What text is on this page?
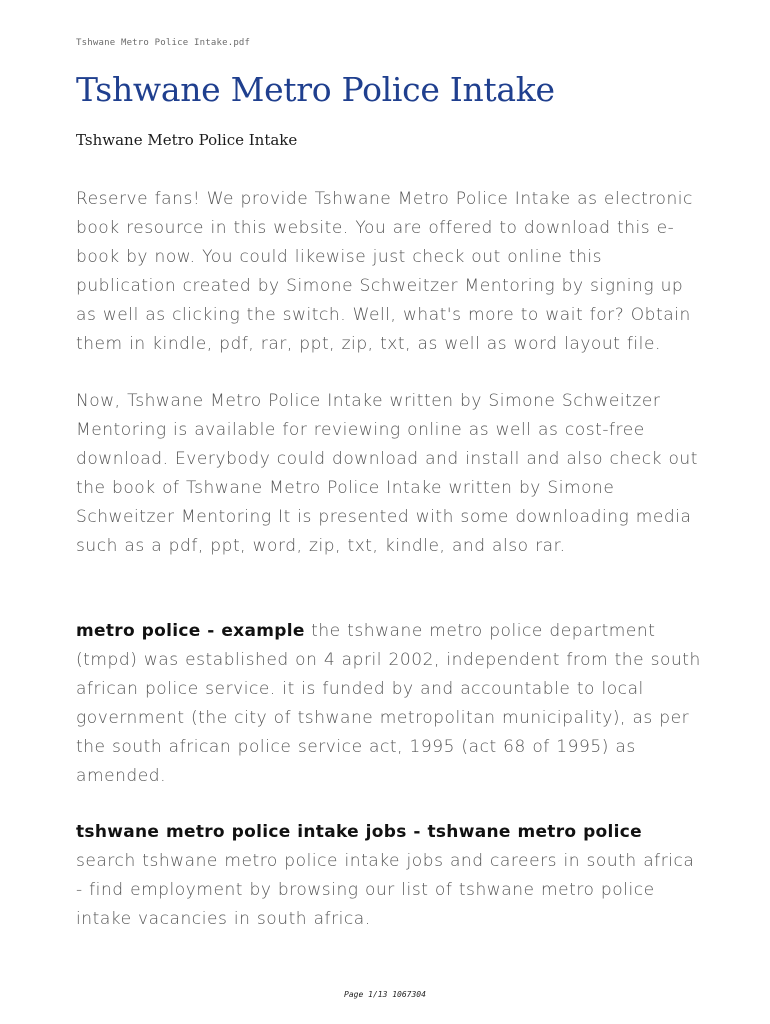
Tshwane Metro Police Intake.pdf
Tshwane Metro Police Intake
Tshwane Metro Police Intake

Reserve fans! We provide Tshwane Metro Police Intake as electronic book resource in this website. You are offered to download this e-book by now. You could likewise just check out online this publication created by Simone Schweitzer Mentoring by signing up as well as clicking the switch. Well, what's more to wait for? Obtain them in kindle, pdf, rar, ppt, zip, txt, as well as word layout file.

Now, Tshwane Metro Police Intake written by Simone Schweitzer Mentoring is available for reviewing online as well as cost-free download. Everybody could download and install and also check out the book of Tshwane Metro Police Intake written by Simone Schweitzer Mentoring It is presented with some downloading media such as a pdf, ppt, word, zip, txt, kindle, and also rar.

metro police - example the tshwane metro police department (tmpd) was established on 4 april 2002, independent from the south african police service. it is funded by and accountable to local government (the city of tshwane metropolitan municipality), as per the south african police service act, 1995 (act 68 of 1995) as amended.

tshwane metro police intake jobs - tshwane metro police search tshwane metro police intake jobs and careers in south africa - find employment by browsing our list of tshwane metro police intake vacancies in south africa.

Page 1/13 1067304
